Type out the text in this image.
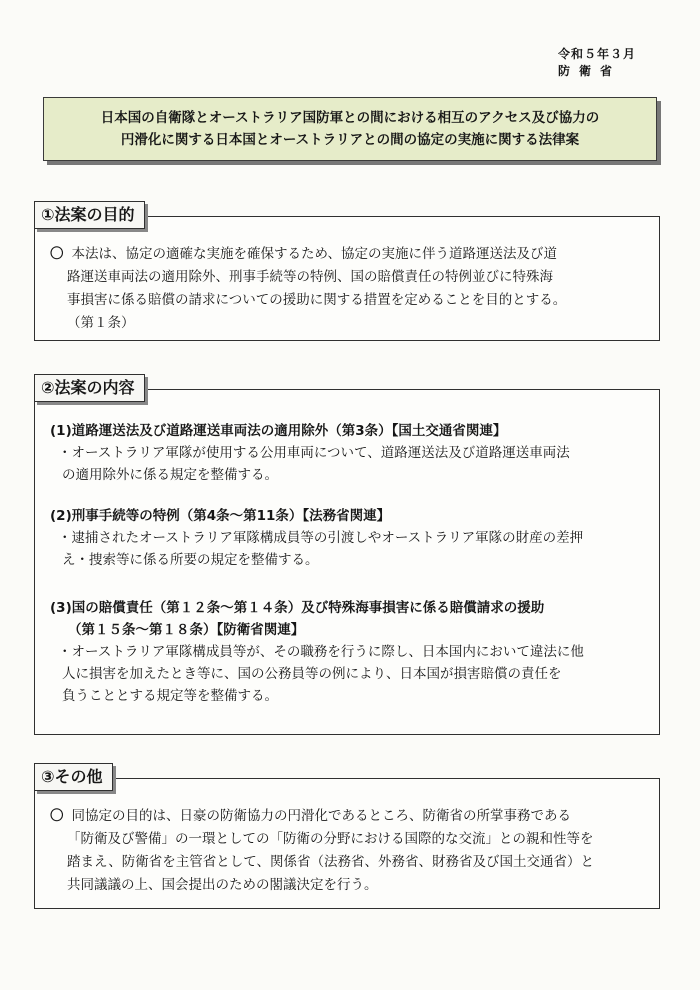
令和５年３月
防衛省
日本国の自衛隊とオーストラリア国防軍との間における相互のアクセス及び協力の
円滑化に関する日本国とオーストラリアとの間の協定の実施に関する法律案
①法案の目的
〇 本法は、協定の適確な実施を確保するため、協定の実施に伴う道路運送法及び道
路運送車両法の適用除外、刑事手続等の特例、国の賠償責任の特例並びに特殊海
事損害に係る賠償の請求についての援助に関する措置を定めることを目的とする。
（第１条）
②法案の内容
(1)道路運送法及び道路運送車両法の適用除外（第3条）【国土交通省関連】
・オーストラリア軍隊が使用する公用車両について、道路運送法及び道路運送車両法
の適用除外に係る規定を整備する。
(2)刑事手続等の特例（第4条～第11条）【法務省関連】
・逮捕されたオーストラリア軍隊構成員等の引渡しやオーストラリア軍隊の財産の差押
え・捜索等に係る所要の規定を整備する。
(3)国の賠償責任（第１２条～第１４条）及び特殊海事損害に係る賠償請求の援助
（第１５条～第１８条）【防衛省関連】
・オーストラリア軍隊構成員等が、その職務を行うに際し、日本国内において違法に他
人に損害を加えたとき等に、国の公務員等の例により、日本国が損害賠償の責任を
負うこととする規定等を整備する。
③その他
〇 同協定の目的は、日豪の防衛協力の円滑化であるところ、防衛省の所掌事務である
「防衛及び警備」の一環としての「防衛の分野における国際的な交流」との親和性等を
踏まえ、防衛省を主管省として、関係省（法務省、外務省、財務省及び国土交通省）と
共同議議の上、国会提出のための閣議決定を行う。
